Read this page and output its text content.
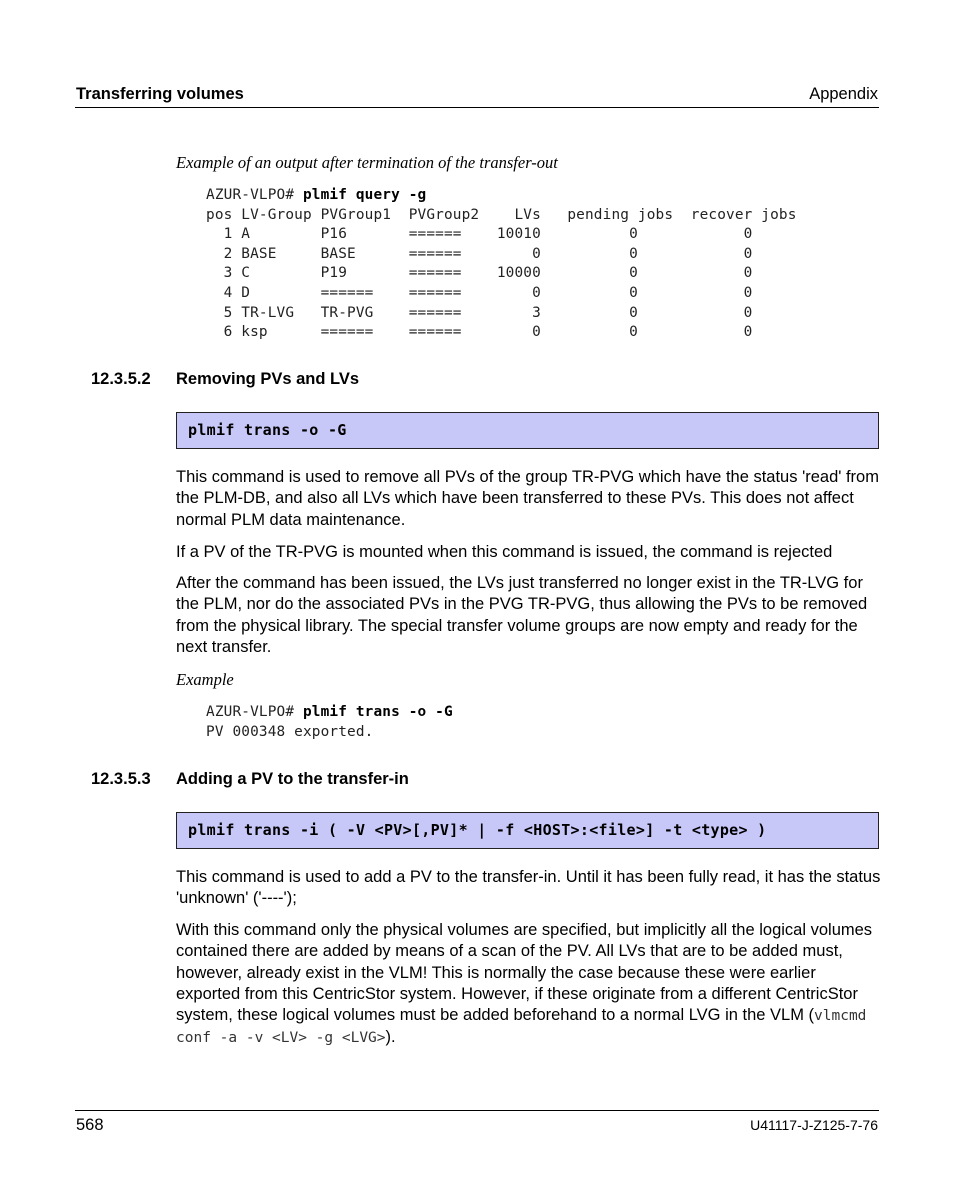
Transferring volumes	Appendix
Example of an output after termination of the transfer-out
AZUR-VLPO# plmif query -g
pos LV-Group PVGroup1  PVGroup2    LVs   pending jobs  recover jobs
1 A        P16       ======    10010          0            0
2 BASE     BASE      ======        0          0            0
3 C        P19       ======    10000          0            0
4 D        ======    ======        0          0            0
5 TR-LVG   TR-PVG    ======        3          0            0
6 ksp      ======    ======        0          0            0
12.3.5.2 Removing PVs and LVs
plmif trans -o -G
This command is used to remove all PVs of the group TR-PVG which have the status 'read' from the PLM-DB, and also all LVs which have been transferred to these PVs. This does not affect normal PLM data maintenance.
If a PV of the TR-PVG is mounted when this command is issued, the command is rejected
After the command has been issued, the LVs just transferred no longer exist in the TR-LVG for the PLM, nor do the associated PVs in the PVG TR-PVG, thus allowing the PVs to be removed from the physical library. The special transfer volume groups are now empty and ready for the next transfer.
Example
AZUR-VLPO# plmif trans -o -G
PV 000348 exported.
12.3.5.3 Adding a PV to the transfer-in
plmif trans -i ( -V <PV>[,PV]* | -f <HOST>:<file>] -t <type> )
This command is used to add a PV to the transfer-in. Until it has been fully read, it has the status 'unknown' ('----');
With this command only the physical volumes are specified, but implicitly all the logical volumes contained there are added by means of a scan of the PV. All LVs that are to be added must, however, already exist in the VLM! This is normally the case because these were earlier exported from this CentricStor system. However, if these originate from a different CentricStor system, these logical volumes must be added beforehand to a normal LVG in the VLM (vlmcmd conf -a -v <LV> -g <LVG>).
568	U41117-J-Z125-7-76
